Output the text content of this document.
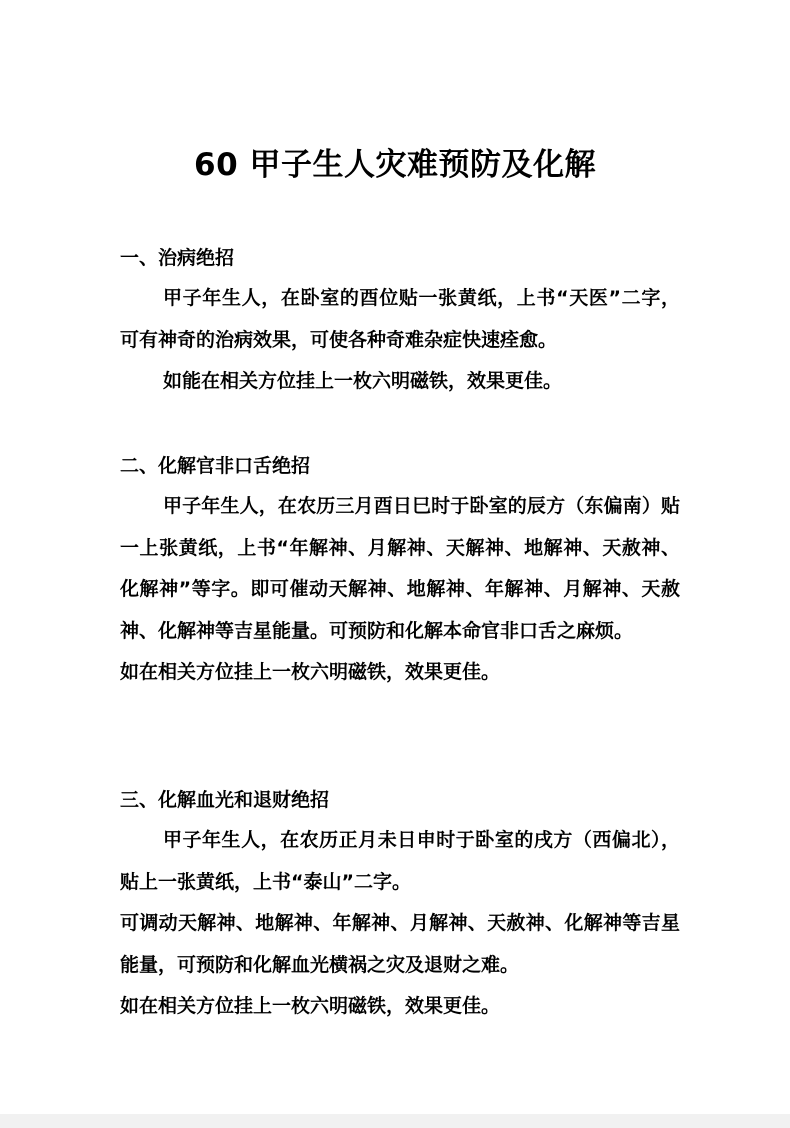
60 甲子生人灾难预防及化解

一、治病绝招

甲子年生人，在卧室的酉位贴一张黄纸，上书“天医”二字，可有神奇的治病效果，可使各种奇难杂症快速痊愈。

如能在相关方位挂上一枚六明磁铁，效果更佳。

二、化解官非口舌绝招

甲子年生人，在农历三月酉日巳时于卧室的辰方（东偏南）贴一上张黄纸，上书“年解神、月解神、天解神、地解神、天赦神、化解神”等字。即可催动天解神、地解神、年解神、月解神、天赦神、化解神等吉星能量。可预防和化解本命官非口舌之麻烦。

如在相关方位挂上一枚六明磁铁，效果更佳。

三、化解血光和退财绝招

甲子年生人，在农历正月未日申时于卧室的戌方（西偏北），贴上一张黄纸，上书“泰山”二字。

可调动天解神、地解神、年解神、月解神、天赦神、化解神等吉星能量，可预防和化解血光横祸之灾及退财之难。

如在相关方位挂上一枚六明磁铁，效果更佳。
